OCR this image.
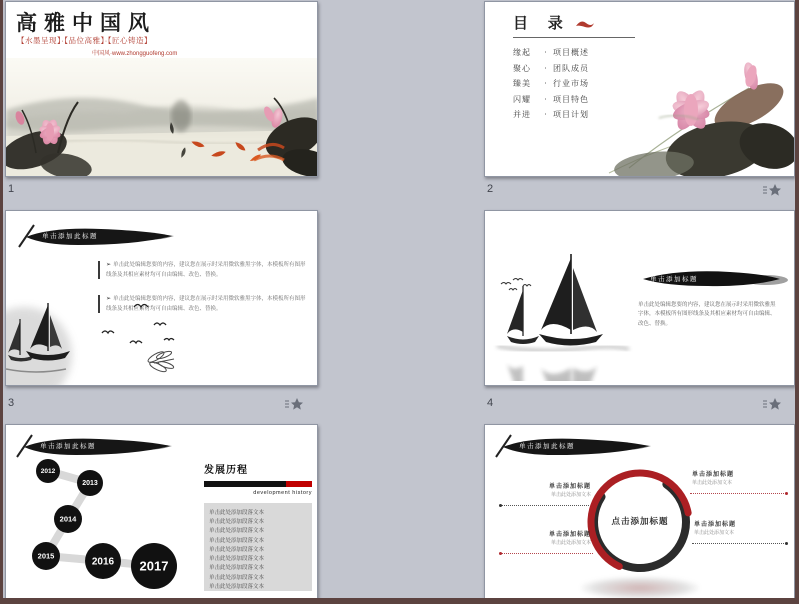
高雅中国风
【水墨呈现】·【品位高雅】·【匠心铸造】
中国风·www.zhongguofeng.com
1
目 录
缘起	· 项目概述
聚心	· 团队成员
臻美	· 行业市场
闪耀	· 项目特色
并进	· 项目计划
2
单击添加此标题
➢ 单击此处编辑您要的内容，建议您在展示时采用微软雅黑字体，本模板所有图形线条及其相应素材均可自由编辑、改色、替换。
➢ 单击此处编辑您要的内容，建议您在展示时采用微软雅黑字体，本模板所有图形线条及其相应素材均可自由编辑、改色、替换。
3
单击添加标题
单击此处编辑您要的内容，建议您在展示时采用微软雅黑字体，本模板所有图形线条及其相应素材均可自由编辑、改色、替换。
4
单击添加此标题
2012
2013
2014
2015
2016 2017
发展历程
development history
单击此处添加段落文本
单击此处添加段落文本
单击此处添加段落文本
单击此处添加段落文本
单击此处添加段落文本
单击此处添加段落文本
单击此处添加段落文本
单击此处添加段落文本
单击此处添加段落文本
单击添加此标题
点击添加标题
单击添加标题
单击此处添加文本
单击添加标题
单击此处添加文本
单击添加标题
单击此处添加文本
单击添加标题
单击此处添加文本
